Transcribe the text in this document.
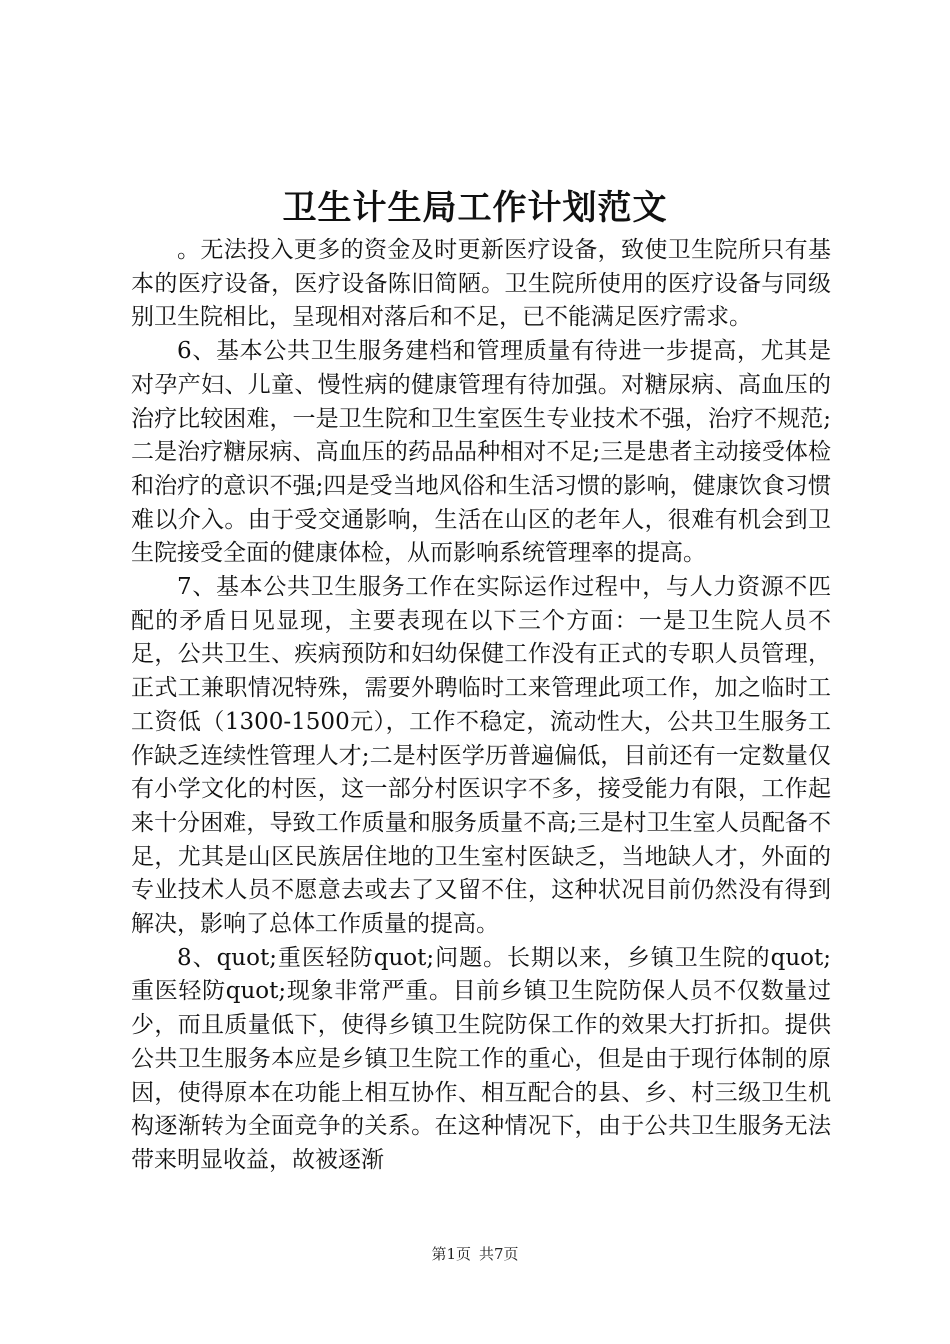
卫生计生局工作计划范文

。无法投入更多的资金及时更新医疗设备，致使卫生院所只有基本的医疗设备，医疗设备陈旧简陋。卫生院所使用的医疗设备与同级别卫生院相比，呈现相对落后和不足，已不能满足医疗需求。

6、基本公共卫生服务建档和管理质量有待进一步提高，尤其是对孕产妇、儿童、慢性病的健康管理有待加强。对糖尿病、高血压的治疗比较困难，一是卫生院和卫生室医生专业技术不强，治疗不规范;二是治疗糖尿病、高血压的药品品种相对不足;三是患者主动接受体检和治疗的意识不强;四是受当地风俗和生活习惯的影响，健康饮食习惯难以介入。由于受交通影响，生活在山区的老年人，很难有机会到卫生院接受全面的健康体检，从而影响系统管理率的提高。

7、基本公共卫生服务工作在实际运作过程中，与人力资源不匹配的矛盾日见显现，主要表现在以下三个方面：一是卫生院人员不足，公共卫生、疾病预防和妇幼保健工作没有正式的专职人员管理，正式工兼职情况特殊，需要外聘临时工来管理此项工作，加之临时工工资低（1300-1500元），工作不稳定，流动性大，公共卫生服务工作缺乏连续性管理人才;二是村医学历普遍偏低，目前还有一定数量仅有小学文化的村医，这一部分村医识字不多，接受能力有限，工作起来十分困难，导致工作质量和服务质量不高;三是村卫生室人员配备不足，尤其是山区民族居住地的卫生室村医缺乏，当地缺人才，外面的专业技术人员不愿意去或去了又留不住，这种状况目前仍然没有得到解决，影响了总体工作质量的提高。

8、quot;重医轻防quot;问题。长期以来，乡镇卫生院的quot;重医轻防quot;现象非常严重。目前乡镇卫生院防保人员不仅数量过少，而且质量低下，使得乡镇卫生院防保工作的效果大打折扣。提供公共卫生服务本应是乡镇卫生院工作的重心，但是由于现行体制的原因，使得原本在功能上相互协作、相互配合的县、乡、村三级卫生机构逐渐转为全面竞争的关系。在这种情况下，由于公共卫生服务无法带来明显收益，故被逐渐

第1页 共7页
